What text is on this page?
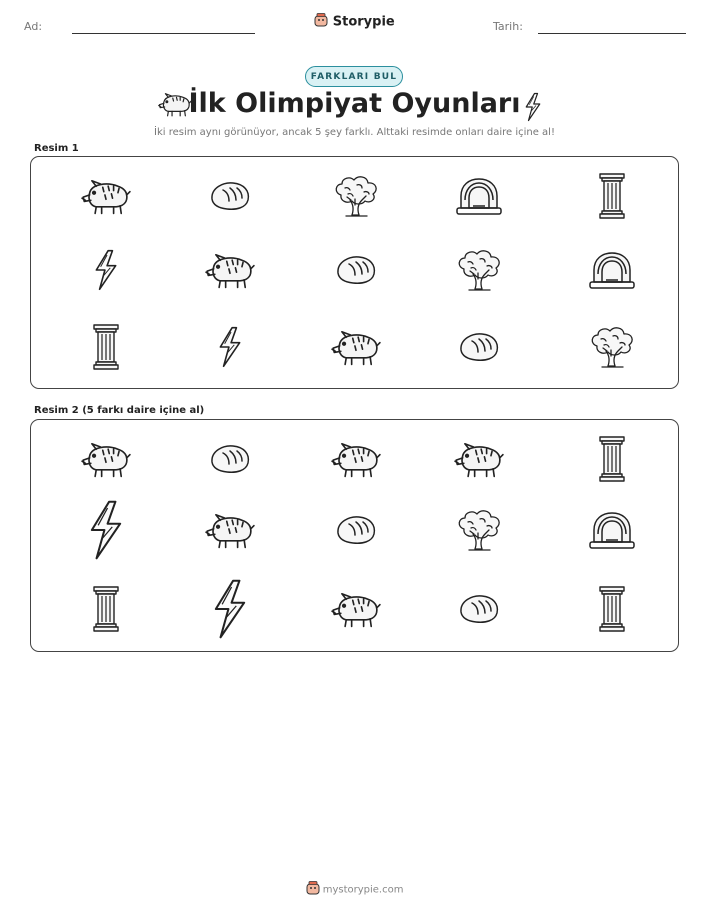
Ad:	Storypie	Tarih:
FARKLARI BUL
İlk Olimpiyat Oyunları
İki resim aynı görünüyor, ancak 5 şey farklı. Alttaki resimde onları daire içine al!
Resim 1
Resim 2 (5 farkı daire içine al)
mystorypie.com
